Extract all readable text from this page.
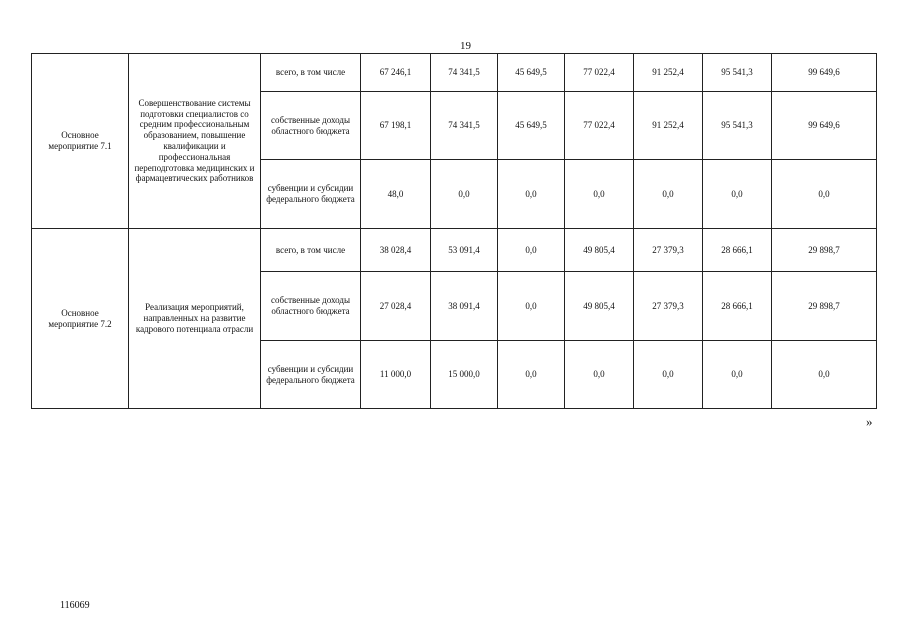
19
Основное мероприятие 7.1	Совершенствование системы подготовки специалистов со средним профессиональным образованием, повышение квалификации и профессиональная переподготовка медицинских и фармацевтических работников	всего, в том числе	67 246,1	74 341,5	45 649,5	77 022,4	91 252,4	95 541,3	99 649,6
		собственные доходы областного бюджета	67 198,1	74 341,5	45 649,5	77 022,4	91 252,4	95 541,3	99 649,6
		субвенции и субсидии федерального бюджета	48,0	0,0	0,0	0,0	0,0	0,0	0,0
Основное мероприятие 7.2	Реализация мероприятий, направленных на развитие кадрового потенциала отрасли	всего, в том числе	38 028,4	53 091,4	0,0	49 805,4	27 379,3	28 666,1	29 898,7
		собственные доходы областного бюджета	27 028,4	38 091,4	0,0	49 805,4	27 379,3	28 666,1	29 898,7
		субвенции и субсидии федерального бюджета	11 000,0	15 000,0	0,0	0,0	0,0	0,0	0,0
»
116069
